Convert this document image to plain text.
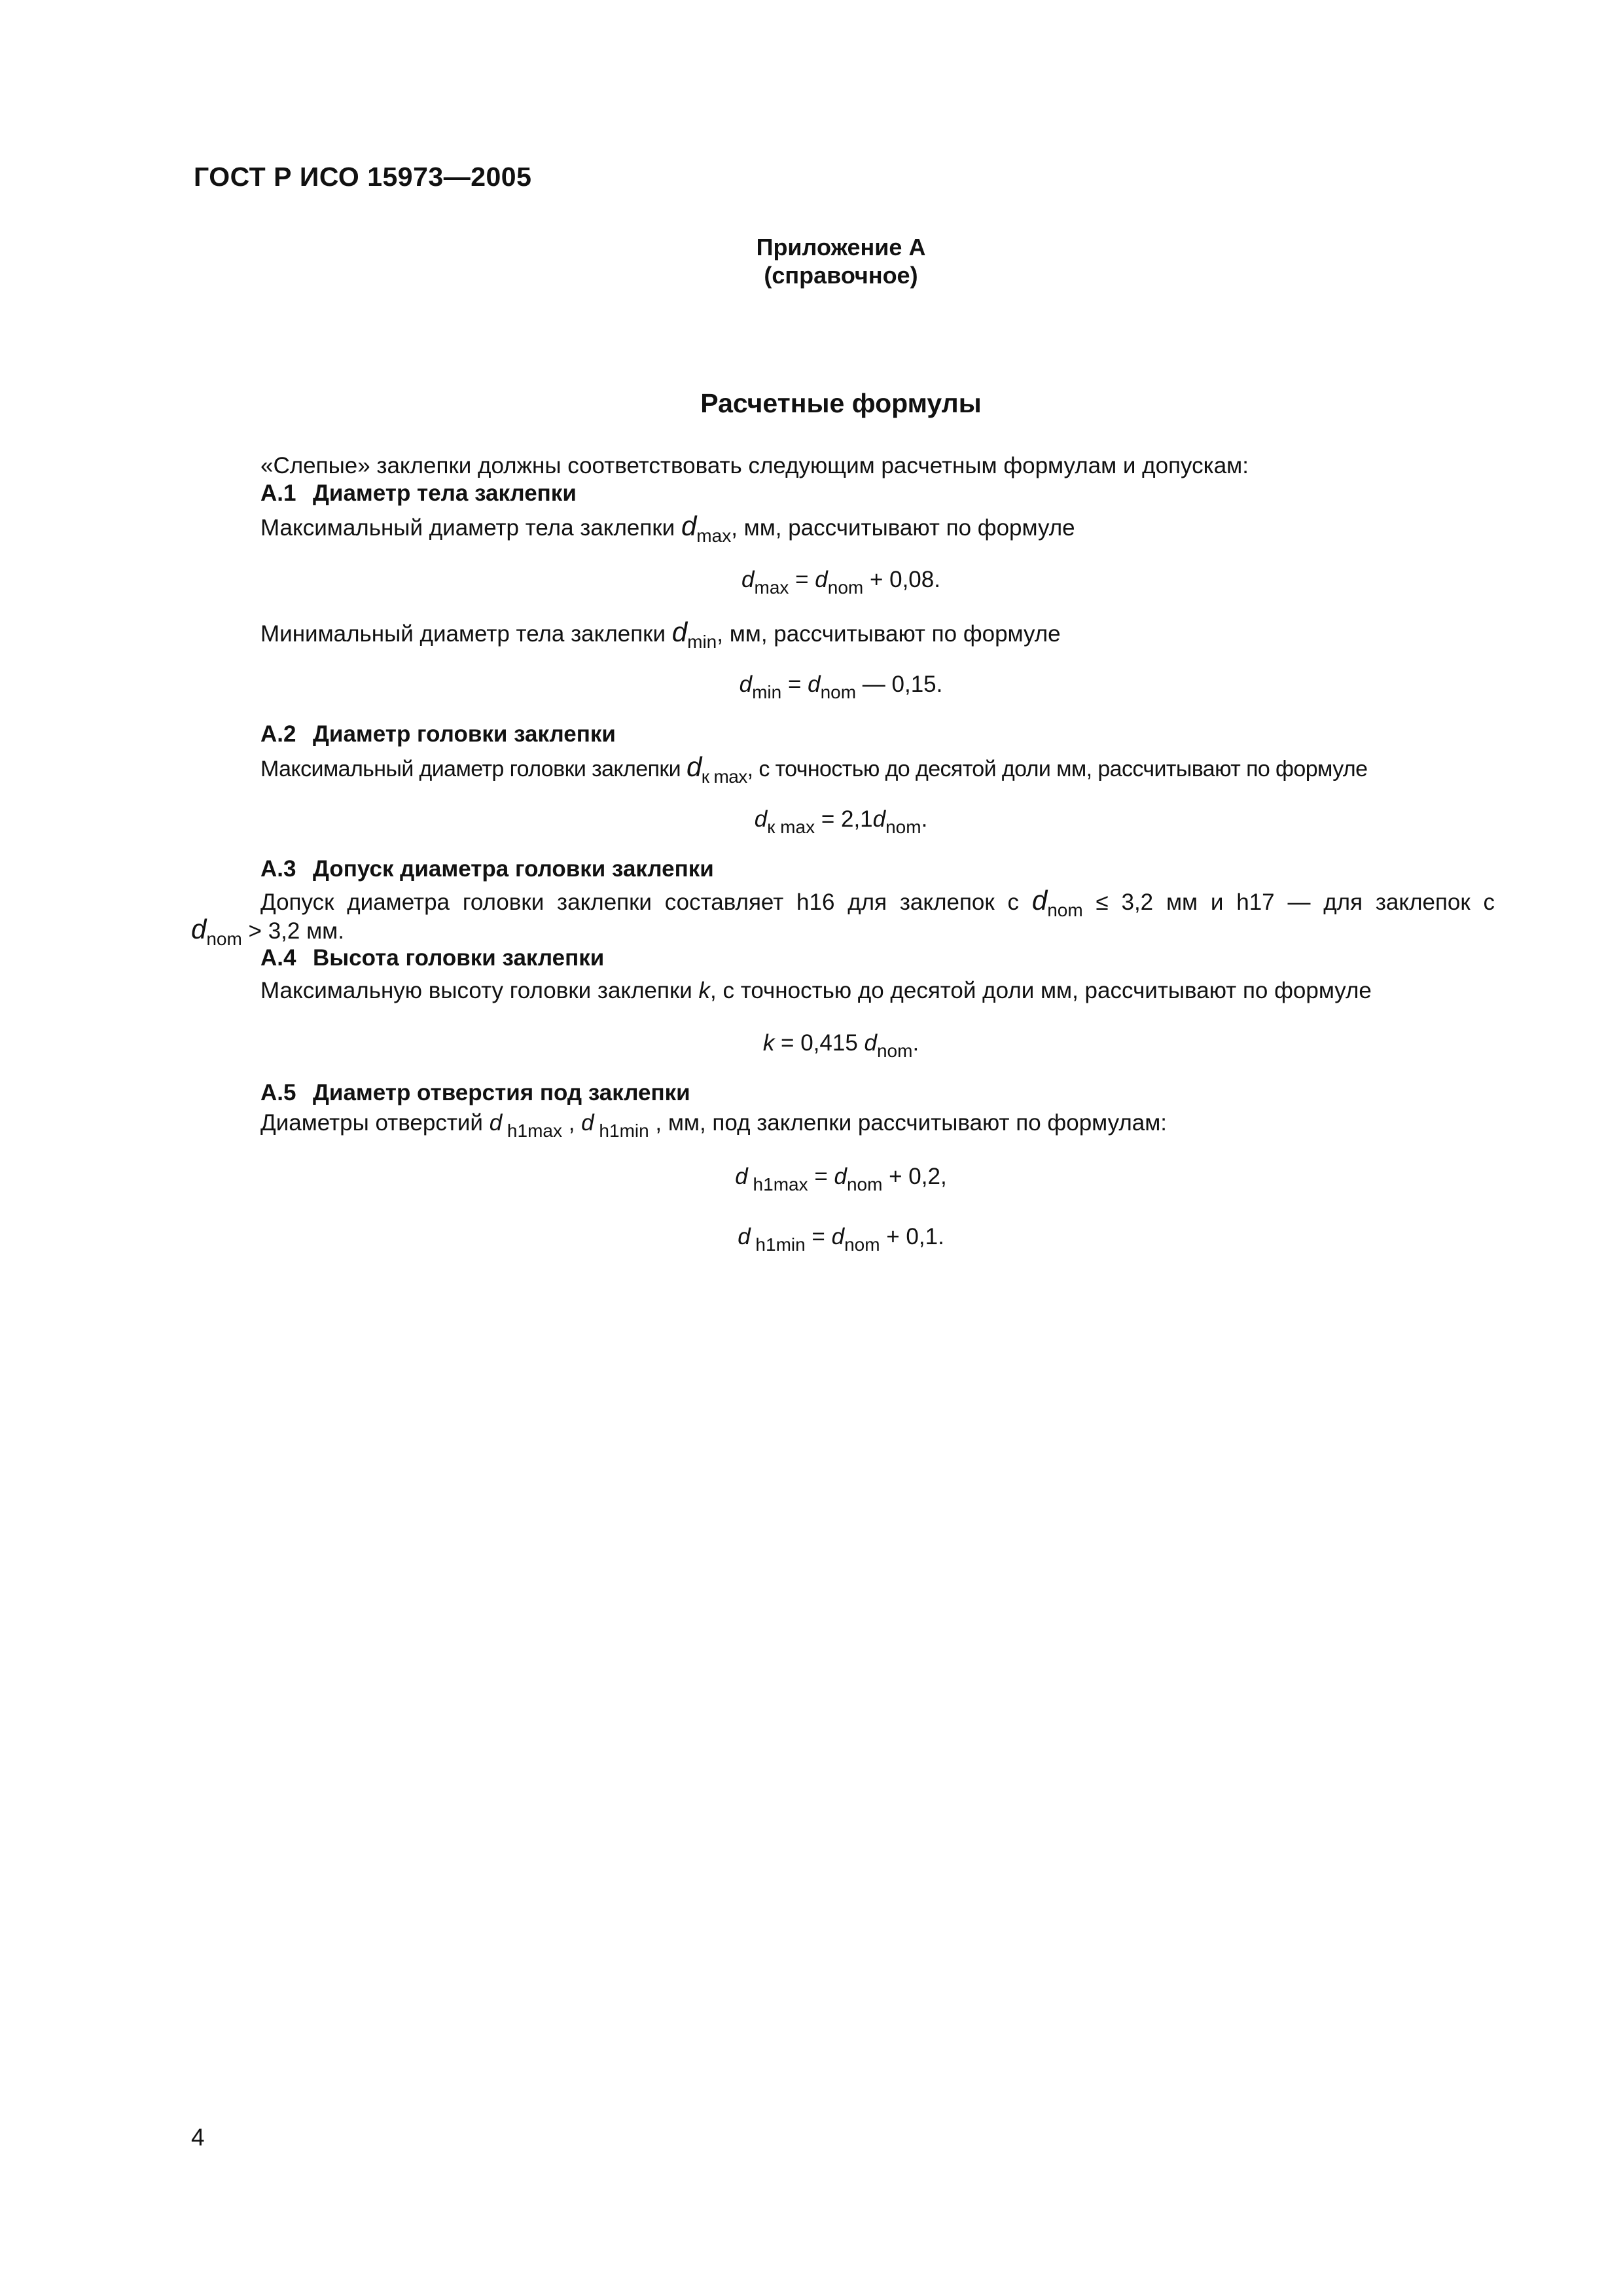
ГОСТ Р ИСО 15973—2005
Приложение А
(справочное)
Расчетные формулы
«Слепые» заклепки должны соответствовать следующим расчетным формулам и допускам:
А.1 Диаметр тела заклепки
Максимальный диаметр тела заклепки $d_{max}$, мм, рассчитывают по формуле
$d_{max} = d_{nom} + 0,08$.
Минимальный диаметр тела заклепки $d_{min}$, мм, рассчитывают по формуле
$d_{min} = d_{nom}$ — 0,15.
А.2 Диаметр головки заклепки
Максимальный диаметр головки заклепки $d_{к max}$, с точностью до десятой доли мм, рассчитывают по формуле
$d_{к max} = 2,1d_{nom}$.
А.3 Допуск диаметра головки заклепки
Допуск диаметра головки заклепки составляет h16 для заклепок с $d_{nom} \le 3,2$ мм и h17 — для заклепок с
$d_{nom} > 3,2$ мм.
А.4 Высота головки заклепки
Максимальную высоту головки заклепки k, с точностью до десятой доли мм, рассчитывают по формуле
k = 0,415 $d_{nom}$.
А.5 Диаметр отверстия под заклепки
Диаметры отверстий d $_{h1max}$ , d $_{h1min}$ , мм, под заклепки рассчитывают по формулам:
d $_{h1max} = d_{nom} + 0,2$,
d $_{h1min} = d_{nom} + 0,1$.
4
